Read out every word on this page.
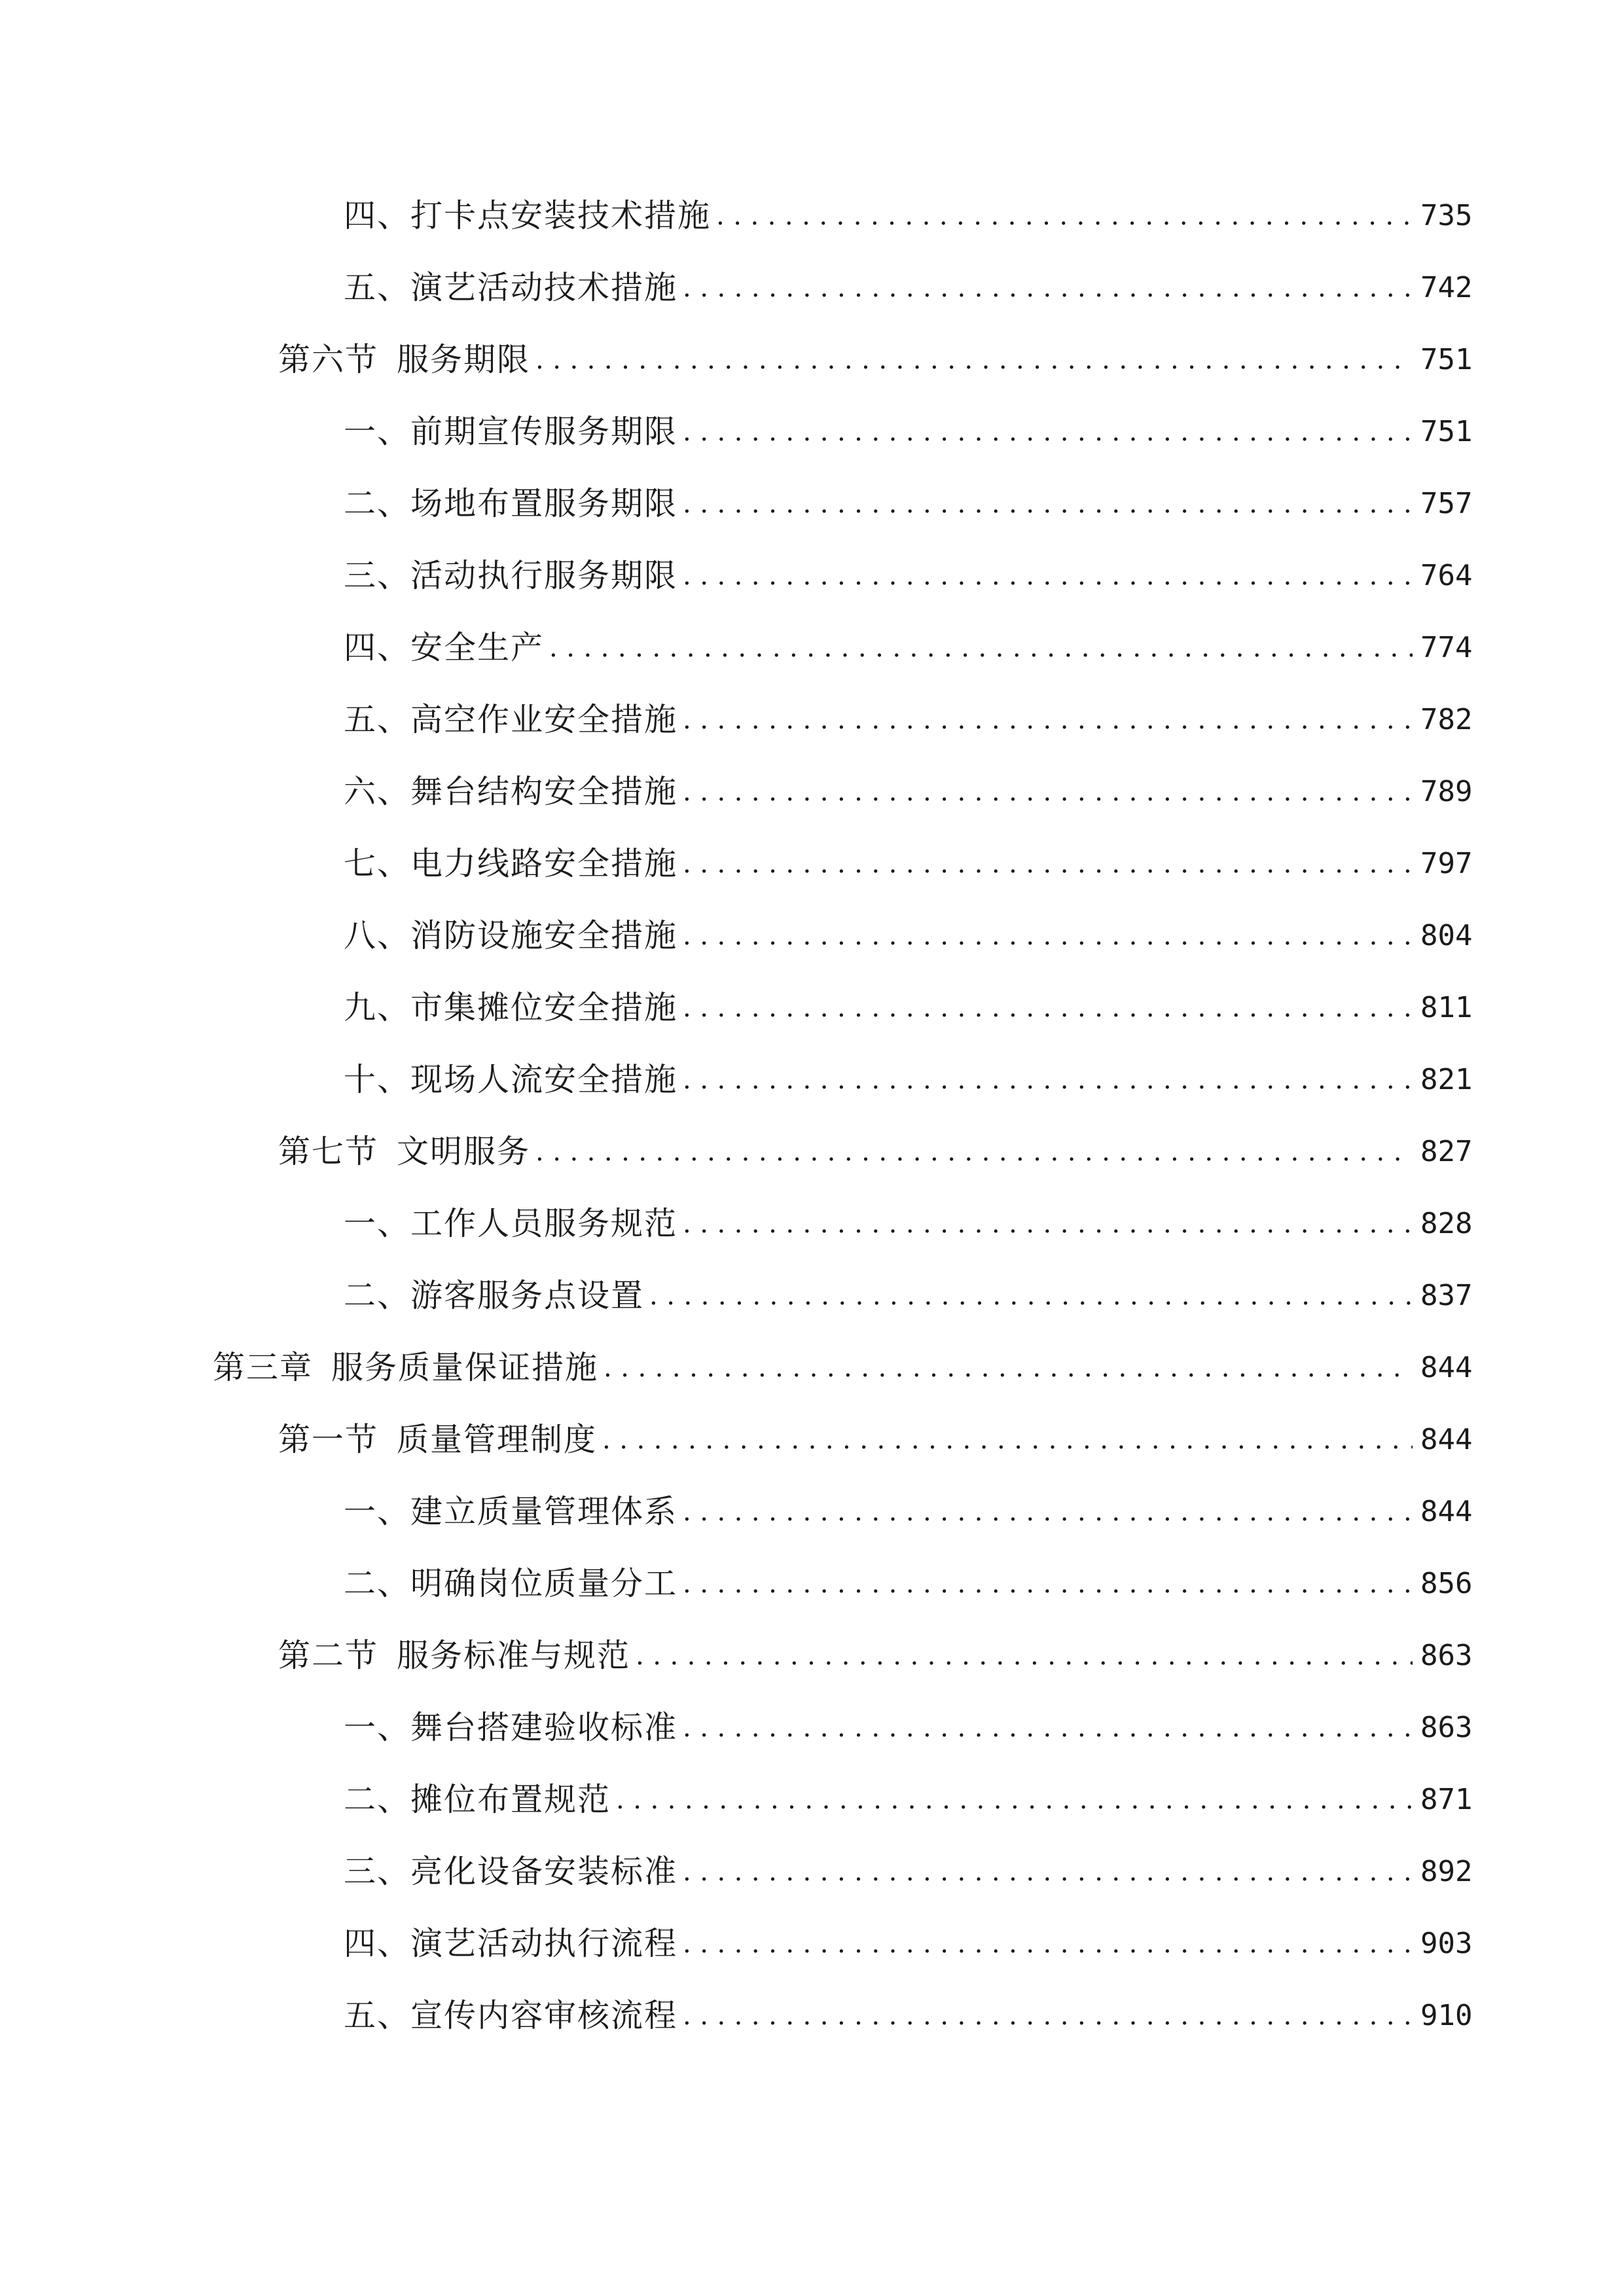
四、 打卡点安装技术措施 .....	735
五、 演艺活动技术措施 .....	742
第六节 服务期限 .....	751
一、 前期宣传服务期限 .....	751
二、 场地布置服务期限 .....	757
三、 活动执行服务期限 .....	764
四、 安全生产 .....	774
五、 高空作业安全措施 .....	782
六、 舞台结构安全措施 .....	789
七、 电力线路安全措施 .....	797
八、 消防设施安全措施 .....	804
九、 市集摊位安全措施 .....	811
十、 现场人流安全措施 .....	821
第七节 文明服务 .....	827
一、 工作人员服务规范 .....	828
二、 游客服务点设置 .....	837
第三章 服务质量保证措施 .....	844
第一节 质量管理制度 .....	844
一、 建立质量管理体系 .....	844
二、 明确岗位质量分工 .....	856
第二节 服务标准与规范 .....	863
一、 舞台搭建验收标准 .....	863
二、 摊位布置规范 .....	871
三、 亮化设备安装标准 .....	892
四、 演艺活动执行流程 .....	903
五、 宣传内容审核流程 .....	910
